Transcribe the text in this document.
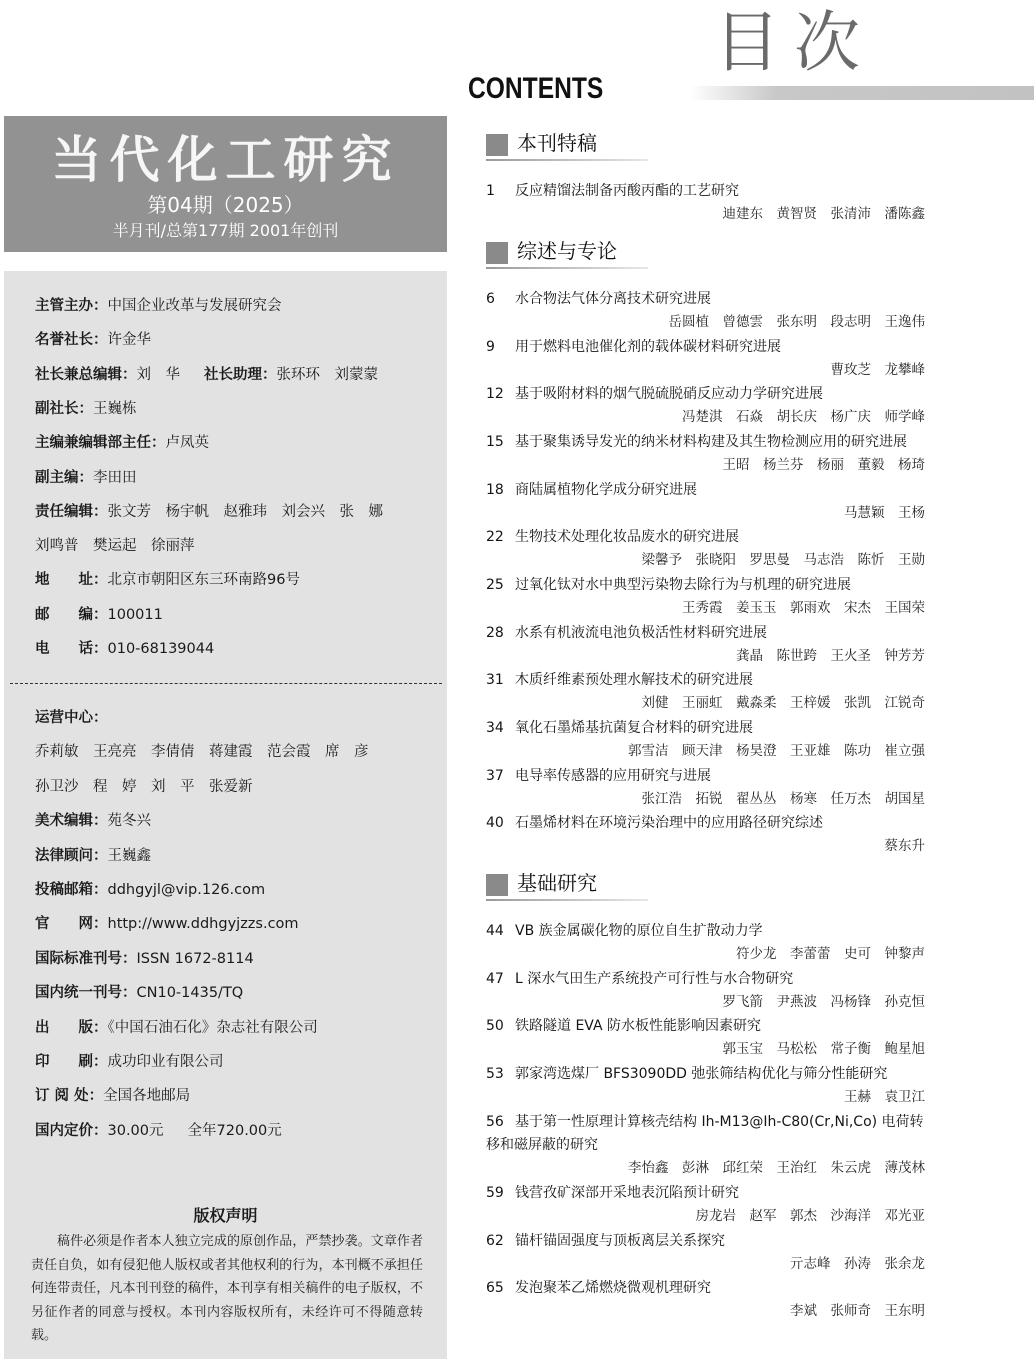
目次
CONTENTS
当代化工研究
第04期（2025）
半月刊/总第177期 2001年创刊
主管主办：中国企业改革与发展研究会
名誉社长：许金华
社长兼总编辑：刘　华 社长助理：张环环　刘蒙蒙
副社长：王巍栋
主编兼编辑部主任：卢凤英
副主编：李田田
责任编辑：张文芳　杨宇帆　赵雅玮　刘会兴　张　娜
刘鸣普　樊运起　徐丽萍
地　　址：北京市朝阳区东三环南路96号
邮　　编：100011
电　　话：010-68139044
运营中心：
乔莉敏　王亮亮　李倩倩　蒋建霞　范会霞　席　彦
孙卫沙　程　婷　刘　平　张爱新
美术编辑：苑冬兴
法律顾问：王巍鑫
投稿邮箱：ddhgyjl@vip.126.com
官　　网：http://www.ddhgyjzzs.com
国际标准刊号：ISSN 1672-8114
国内统一刊号：CN10-1435/TQ
出　　版：《中国石油石化》杂志社有限公司
印　　刷：成功印业有限公司
订 阅 处：全国各地邮局
国内定价：30.00元 全年720.00元
版权声明
稿件必须是作者本人独立完成的原创作品，严禁抄袭。文章作者责任自负，如有侵犯他人版权或者其他权利的行为，本刊概不承担任何连带责任，凡本刊刊登的稿件，本刊享有相关稿件的电子版权，不另征作者的同意与授权。本刊内容版权所有，未经许可不得随意转载。
本刊特稿
1 反应精馏法制备丙酸丙酯的工艺研究
迪建东　黄智贤　张清沛　潘陈鑫
综述与专论
6 水合物法气体分离技术研究进展
岳圆植　曾德雲　张东明　段志明　王逸伟
9 用于燃料电池催化剂的载体碳材料研究进展
曹玫芝　龙攀峰
12 基于吸附材料的烟气脱硫脱硝反应动力学研究进展
冯楚淇　石焱　胡长庆　杨广庆　师学峰
15 基于聚集诱导发光的纳米材料构建及其生物检测应用的研究进展
王昭　杨兰芬　杨丽　董毅　杨琦
18 商陆属植物化学成分研究进展
马慧颖　王杨
22 生物技术处理化妆品废水的研究进展
梁馨予　张晓阳　罗思曼　马志浩　陈忻　王勋
25 过氧化钛对水中典型污染物去除行为与机理的研究进展
王秀霞　姜玉玉　郭雨欢　宋杰　王国荣
28 水系有机液流电池负极活性材料研究进展
龚晶　陈世跨　王火圣　钟芳芳
31 木质纤维素预处理水解技术的研究进展
刘健　王丽虹　戴淼柔　王梓媛　张凯　江锐奇
34 氧化石墨烯基抗菌复合材料的研究进展
郭雪洁　顾天津　杨昊澄　王亚雄　陈功　崔立强
37 电导率传感器的应用研究与进展
张江浩　拓锐　翟丛丛　杨寒　任万杰　胡国星
40 石墨烯材料在环境污染治理中的应用路径研究综述
蔡东升
基础研究
44 VB 族金属碳化物的原位自生扩散动力学
符少龙　李蕾蕾　史可　钟黎声
47 L 深水气田生产系统投产可行性与水合物研究
罗飞箭　尹燕波　冯杨锋　孙克恒
50 铁路隧道 EVA 防水板性能影响因素研究
郭玉宝　马松松　常子衡　鲍星旭
53 郭家湾选煤厂 BFS3090DD 弛张筛结构优化与筛分性能研究
王赫　袁卫江
56 基于第一性原理计算核壳结构 Ih-M13@Ih-C80(Cr,Ni,Co) 电荷转移和磁屏蔽的研究
李怡鑫　彭淋　邱红荣　王治红　朱云虎　薄茂林
59 钱营孜矿深部开采地表沉陷预计研究
房龙岩　赵军　郭杰　沙海洋　邓光亚
62 锚杆锚固强度与顶板离层关系探究
亓志峰　孙涛　张余龙
65 发泡聚苯乙烯燃烧微观机理研究
李斌　张师奇　王东明
